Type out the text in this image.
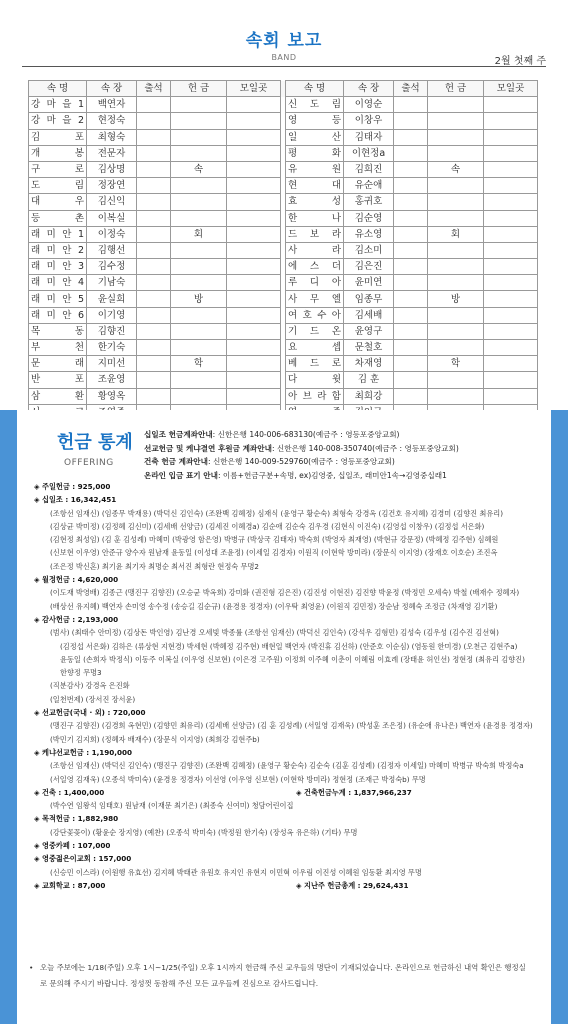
속회 보고
BAND	2월 첫째 주
속 명	속 장	출석	헌 금	모일곳		속 명	속 장	출석	헌 금	모일곳
강 마 을 1	백연자					신 도 림	이영순			
강 마 을 2	현정숙					영 등	이창우			
김 포	최형숙					일 산	김태자			
개 봉	전문자					평 화	이현정a			
구 로	김상명		속			유 원	김희진		속	
도 림	정장연					현 대	유순애			
대 우	김신익					효 성	홍귀호			
등 촌	이복실					한 나	김순영			
래 미 안 1	이정숙		회			드 보 라	유소영		회	
래 미 안 2	김행선					사 라	김소미			
래 미 안 3	김수정					에 스 더	김은진			
래 미 안 4	기남숙					루 디 아	윤미연			
래 미 안 5	윤실희		방			사 무 엘	임종무		방	
래 미 안 6	이기영					여 호 수 아	김세배			
목 동	김향진					기 드 온	윤영구			
부 천	한기숙					요 셉	문철호			
문 래	지미선		학			베 드 로	차재영		학	
반 포	조윤영					다 윗	김 훈			
삼 환	황영옥					아 브 라 함	최희강			

헌금 통계
OFFERING
십일조 헌금계좌안내: 신한은행 140-006-683130(예금주 : 영등포중앙교회)
선교헌금 및 케냐결연 후원금 계좌안내: 신한은행 140-008-350740(예금주 : 영등포중앙교회)
건축 헌금 계좌안내: 신한은행 140-009-529760(예금주 : 영등포중앙교회)
온라인 입금 표기 안내: 이름+헌금구분+속명, ex)김영중, 십일조, 래미안1속→김영중십래1
◈ 주일헌금 : 925,000
◈ 십일조 : 16,342,451
(조항선 임재신) (임종무 박재용) (박덕신 김인숙) (조완백 김혜정) 심재식 (윤영구 황순숙) 최형숙 강경옥 (김건호 유지혜) 김경미 (김향진 최유리)
(김상균 박미정) (김정혜 김신미) (김세배 선양금) (김세진 이혜경a) 김순애 김순숙 김우경 (김현식 이진숙) (김영섭 이창우) (김정섭 서은화)
(김현정 최성임) (김 훈 김성례) 마혜미 (박광영 함은영) 박병규 (박상국 김태자) 박숙희 (박영자 최재영) (박현규 강문정) (박혜정 김주현) 심혜원
(신보현 이우영) 안준규 양수자 원남재 윤동일 (이성대 조윤정) (이세일 김경자) 이원직 (이현학 방미라) (장문식 이지영) (장재호 이호순) 조진옥
(조은정 박신혼) 최기윤 최기자 최명순 최서진 최형란 현정숙 무명2
◈ 월정헌금 : 4,620,000
(이도재 박영배) 김종근 (맹진구 김향진) (오승균 박옥희) 강미화 (권진형 김은진) (김진성 이현진) 김진향 박윤정 (박정민 오세숙) 박철 (배재수 정혜자)
(배상선 유지혜) 백연자 손미영 송수정 (송승길 김순규) (윤경용 정경자) (이우탁 최영윤) (이원직 김민정) 장순남 정혜숙 조정금 (차재영 김기환)
◈ 감사헌금 : 2,193,000
(범사) (최태수 안미정) (김상돈 박인영) 김난경 오세빛 박종률 (조항선 임재신) (박덕신 김인숙) (강석우 김형민) 김성숙 (김우성 (김수진 김선혁)
(김정섭 서은화) 김하은 (류상현 지현경) 박세현 (박혜정 김주현) 배현일 백연자 (박진휴 김선하) (안준호 이순심) (염동원 한미경) (오천근 김현주a)
윤동일 (손희자 박정식) 이동주 이복실 (이우영 신보현) (이은경 고주원) 이정희 이주혜 이춘이 이혜림 이효례 (장태윤 허인선) 정현정 (최유리 김향진)
한향정 무명3
(직분감사) 강경옥 은진화
(일천번제) (장서진 장서윤)
◈ 선교헌금(국내 · 외) : 720,000
(맹진구 김향진) (김경희 옥현민) (김향민 최유리) (김세배 선양금) (김 훈 김성례) (서일영 김재욱) (박성훈 조은정) (유순애 유나은) 백연자 (윤경용 정경자)
(박민기 김지희) (정혜자 배재수) (장문식 이지영) (최희강 김현주b)
◈ 케냐선교헌금 : 1,190,000
(조항선 임재신) (박덕신 김인숙) (맹진구 김향진) (조완백 김혜정) (윤영구 황순숙) 김순숙 (김훈 김성례) (김정자 이세일) 마혜미 박병규 박숙희 박정숙a
(서일영 김재욱) (오종석 박미숙) (윤경용 정경자) 이선영 (이우영 신보현) (이현학 방미라) 정현정 (조재근 박정숙b) 무명
◈ 건축 : 1,400,000	◈ 건축헌금누계 : 1,837,966,237
(박수연 임왕석 임태호) 원남재 (이재문 최기은) (최종숙 신여미) 청담어린이집
◈ 목적헌금 : 1,882,980
(강단꽃꽂이) (황윤순 장지영) (예찬) (오종석 박미숙) (박정원 한기숙) (장성옥 유은하) (기타) 무명
◈ 영중카페 : 107,000
◈ 영중젊은이교회 : 157,000
(신승민 이스라) (이원행 유효선) 김지혜 박태관 유원호 유지인 유현지 이민혁 이우림 이진성 이혜원 임동환 최지영 무명
◈ 교회학교 : 87,000	◈ 지난주 헌금총계 : 29,624,431
• 오늘 주보에는 1/18(주일) 오후 1시~1/25(주일) 오후 1시까지 헌금해 주신 교우들의 명단이 기재되었습니다. 온라인으로 헌금하신 내역 확인은 행정실로 문의해 주시기 바랍니다. 정성껏 동참해 주신 모든 교우들께 진심으로 감사드립니다.
